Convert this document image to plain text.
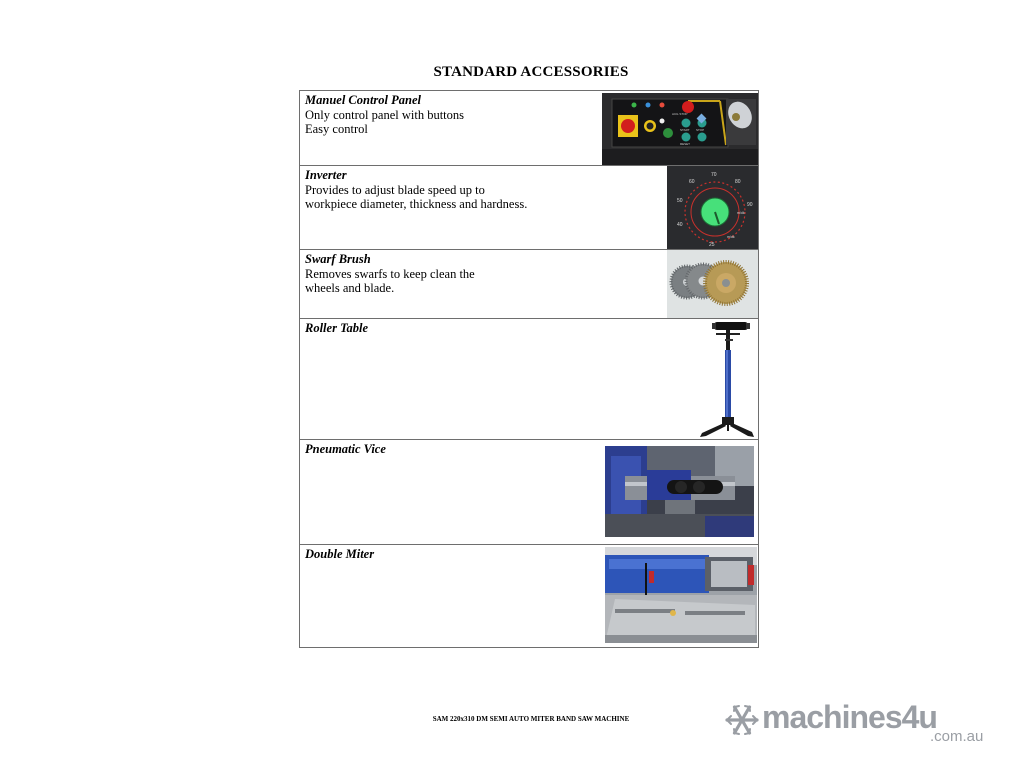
STANDARD ACCESSORIES
Manuel Control Panel
Only control panel with buttons
Easy control
ACIL STOP
START STOP
RESET
Inverter
Provides to adjust blade speed up to
workpiece diameter, thickness and hardness.
70
60	80
50
90
40
25
m/dk
m/dk
Swarf Brush
Removes swarfs to keep clean the
wheels and blade.
Roller Table
Pneumatic Vice
Double Miter
SAM 220x310 DM SEMI AUTO MITER BAND SAW MACHINE	machines4u
.com.au
